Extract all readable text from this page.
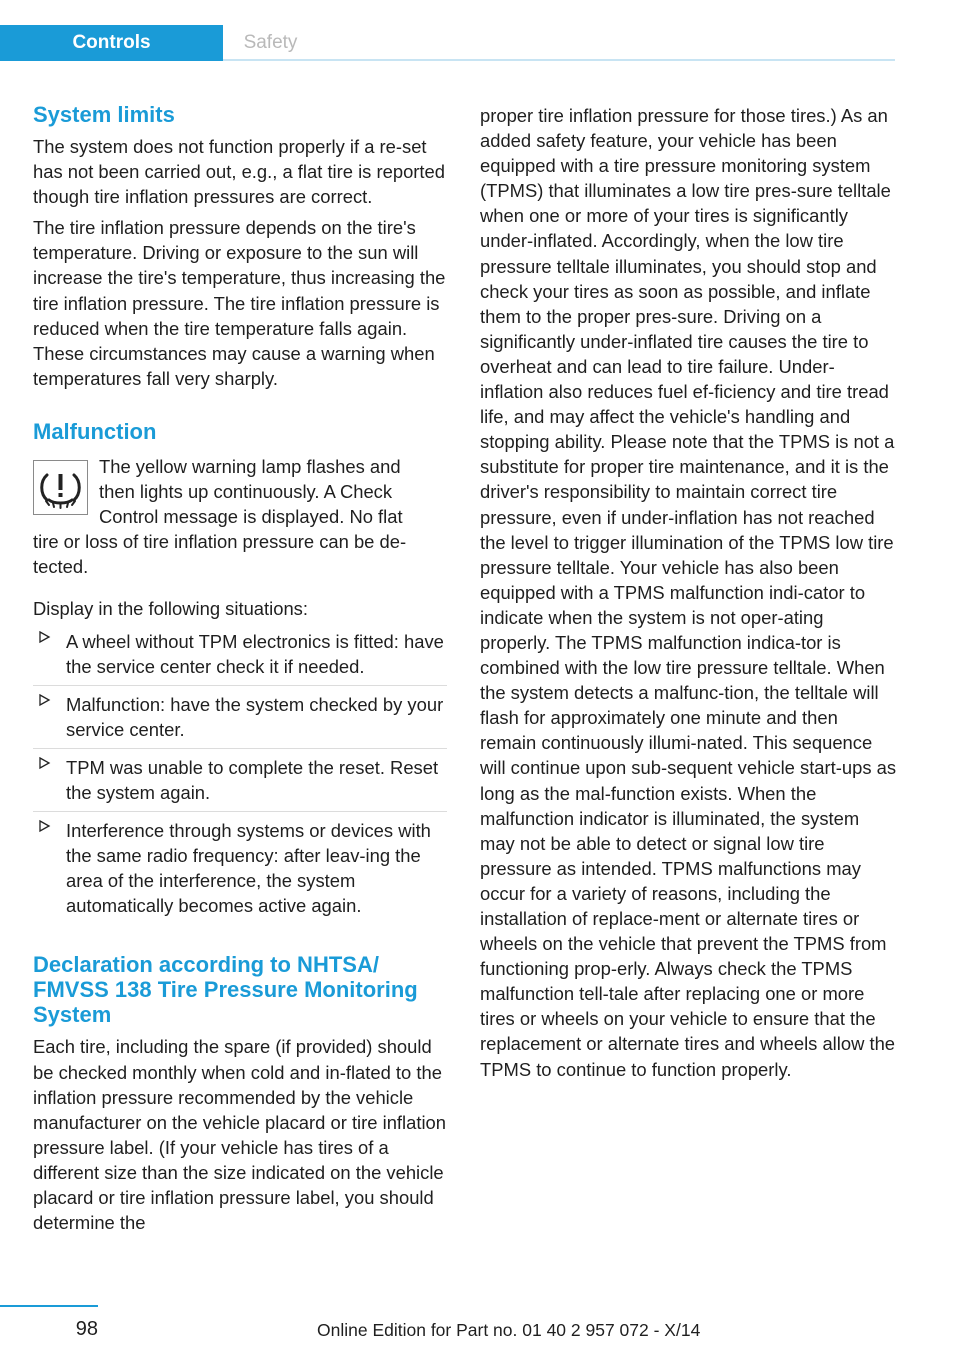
Controls	Safety
System limits

The system does not function properly if a re‐set has not been carried out, e.g., a flat tire is reported though tire inflation pressures are correct.

The tire inflation pressure depends on the tire's temperature. Driving or exposure to the sun will increase the tire's temperature, thus increasing the tire inflation pressure. The tire inflation pressure is reduced when the tire temperature falls again. These circumstances may cause a warning when temperatures fall very sharply.

Malfunction

The yellow warning lamp flashes and

then lights up continuously. A Check

Control message is displayed. No flat

tire or loss of tire inflation pressure can be de‐tected.

Display in the following situations:

A wheel without TPM electronics is fitted: have the service center check it if needed.
Malfunction: have the system checked by your service center.
TPM was unable to complete the reset. Reset the system again.
Interference through systems or devices with the same radio frequency: after leav‐ing the area of the interference, the system automatically becomes active again.
Declaration according to NHTSA/ FMVSS 138 Tire Pressure Monitoring System

Each tire, including the spare (if provided) should be checked monthly when cold and in‐flated to the inflation pressure recommended by the vehicle manufacturer on the vehicle placard or tire inflation pressure label. (If your vehicle has tires of a different size than the size indicated on the vehicle placard or tire inflation pressure label, you should determine the

proper tire inflation pressure for those tires.) As an added safety feature, your vehicle has been equipped with a tire pressure monitoring system (TPMS) that illuminates a low tire pres‐sure telltale when one or more of your tires is significantly under-inflated. Accordingly, when the low tire pressure telltale illuminates, you should stop and check your tires as soon as possible, and inflate them to the proper pres‐sure. Driving on a significantly under-inflated tire causes the tire to overheat and can lead to tire failure. Under-inflation also reduces fuel ef‐ficiency and tire tread life, and may affect the vehicle's handling and stopping ability. Please note that the TPMS is not a substitute for proper tire maintenance, and it is the driver's responsibility to maintain correct tire pressure, even if under-inflation has not reached the level to trigger illumination of the TPMS low tire pressure telltale. Your vehicle has also been equipped with a TPMS malfunction indi‐cator to indicate when the system is not oper‐ating properly. The TPMS malfunction indica‐tor is combined with the low tire pressure telltale. When the system detects a malfunc‐tion, the telltale will flash for approximately one minute and then remain continuously illumi‐nated. This sequence will continue upon sub‐sequent vehicle start-ups as long as the mal‐function exists. When the malfunction indicator is illuminated, the system may not be able to detect or signal low tire pressure as intended. TPMS malfunctions may occur for a variety of reasons, including the installation of replace‐ment or alternate tires or wheels on the vehicle that prevent the TPMS from functioning prop‐erly. Always check the TPMS malfunction tell‐tale after replacing one or more tires or wheels on your vehicle to ensure that the replacement or alternate tires and wheels allow the TPMS to continue to function properly.

98	Online Edition for Part no. 01 40 2 957 072 - X/14
